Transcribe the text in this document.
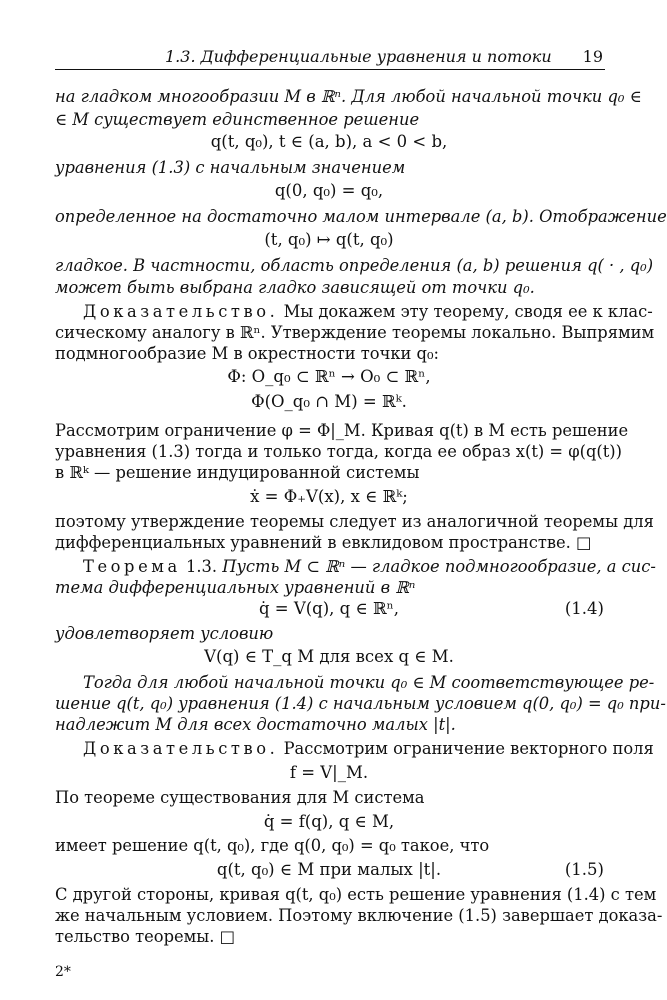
1.3. Дифференциальные уравнения и потоки 19
на гладком многообразии M в ℝⁿ. Для любой начальной точки q₀ ∈
∈ M существует единственное решение
q(t, q₀), t ∈ (a, b), a < 0 < b,
уравнения (1.3) с начальным значением
q(0, q₀) = q₀,
определенное на достаточно малом интервале (a, b). Отображение
(t, q₀) ↦ q(t, q₀)
гладкое. В частности, область определения (a, b) решения q( · , q₀)
может быть выбрана гладко зависящей от точки q₀.
Доказательство. Мы докажем эту теорему, сводя ее к клас-
сическому аналогу в ℝⁿ. Утверждение теоремы локально. Выпрямим
подмногообразие M в окрестности точки q₀:
Φ: O_q₀ ⊂ ℝⁿ → O₀ ⊂ ℝⁿ,
Φ(O_q₀ ∩ M) = ℝᵏ.
Рассмотрим ограничение φ = Φ|_M. Кривая q(t) в M есть решение
уравнения (1.3) тогда и только тогда, когда ее образ x(t) = φ(q(t))
в ℝᵏ — решение индуцированной системы
ẋ = Φ₊V(x), x ∈ ℝᵏ;
поэтому утверждение теоремы следует из аналогичной теоремы для
дифференциальных уравнений в евклидовом пространстве. □
Теорема 1.3. Пусть M ⊂ ℝⁿ — гладкое подмногообразие, а сис-
тема дифференциальных уравнений в ℝⁿ
q̇ = V(q), q ∈ ℝⁿ,	(1.4)
удовлетворяет условию
V(q) ∈ T_q M для всех q ∈ M.
Тогда для любой начальной точки q₀ ∈ M соответствующее ре-
шение q(t, q₀) уравнения (1.4) с начальным условием q(0, q₀) = q₀ при-
надлежит M для всех достаточно малых |t|.
Доказательство. Рассмотрим ограничение векторного поля
f = V|_M.
По теореме существования для M система
q̇ = f(q), q ∈ M,
имеет решение q(t, q₀), где q(0, q₀) = q₀ такое, что
q(t, q₀) ∈ M при малых |t|.	(1.5)
С другой стороны, кривая q(t, q₀) есть решение уравнения (1.4) с тем
же начальным условием. Поэтому включение (1.5) завершает доказа-
тельство теоремы. □
2*
